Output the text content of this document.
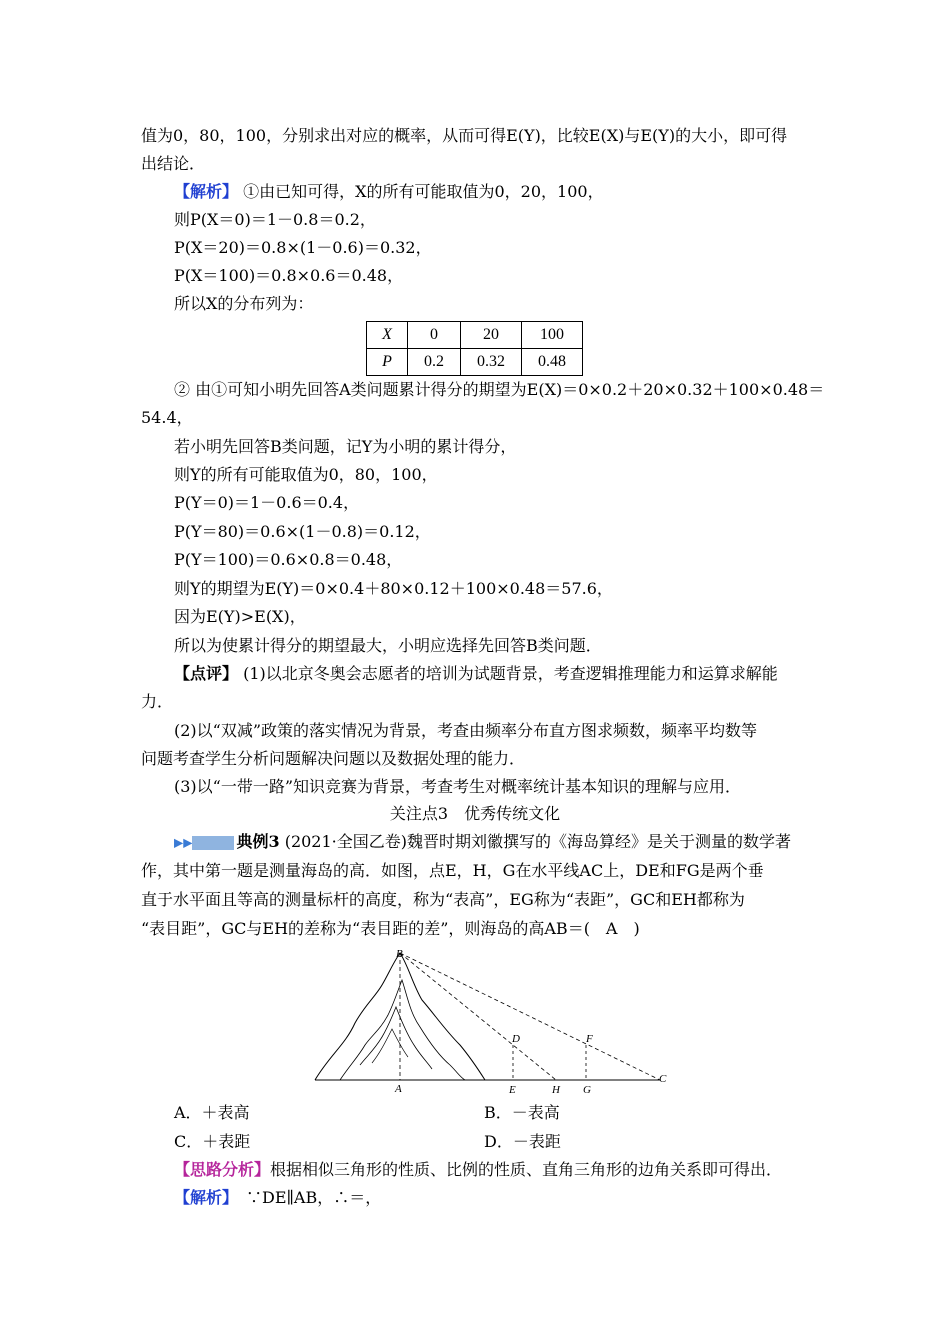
值为0，80，100，分别求出对应的概率，从而可得E(Y)，比较E(X)与E(Y)的大小，即可得
出结论．
【解析】 ①由已知可得，X的所有可能取值为0，20，100，
则P(X＝0)＝1－0.8＝0.2，
P(X＝20)＝0.8×(1－0.6)＝0.32，
P(X＝100)＝0.8×0.6＝0.48，
所以X的分布列为：
X	0	20	100
P	0.2	0.32	0.48
② 由①可知小明先回答A类问题累计得分的期望为E(X)＝0×0.2＋20×0.32＋100×0.48＝
54.4，
若小明先回答B类问题，记Y为小明的累计得分，
则Y的所有可能取值为0，80，100，
P(Y＝0)＝1－0.6＝0.4，
P(Y＝80)＝0.6×(1－0.8)＝0.12，
P(Y＝100)＝0.6×0.8＝0.48，
则Y的期望为E(Y)＝0×0.4＋80×0.12＋100×0.48＝57.6，
因为E(Y)>E(X)，
所以为使累计得分的期望最大，小明应选择先回答B类问题．
【点评】 (1)以北京冬奥会志愿者的培训为试题背景，考查逻辑推理能力和运算求解能
力．
(2)以“双减”政策的落实情况为背景，考查由频率分布直方图求频数，频率平均数等
问题考查学生分析问题解决问题以及数据处理的能力．
(3)以“一带一路”知识竞赛为背景，考查考生对概率统计基本知识的理解与应用．
关注点3　优秀传统文化
▶▶	典例3 (2021·全国乙卷)魏晋时期刘徽撰写的《海岛算经》是关于测量的数学著
作，其中第一题是测量海岛的高．如图，点E，H，G在水平线AC上，DE和FG是两个垂
直于水平面且等高的测量标杆的高度，称为“表高”，EG称为“表距”，GC和EH都称为
“表目距”，GC与EH的差称为“表目距的差”，则海岛的高AB＝(　A　)
B
A
D	F
E	H G
C
A．＋表高	B．－表高
C．＋表距	D．－表距
【思路分析】根据相似三角形的性质、比例的性质、直角三角形的边角关系即可得出．
【解析】　∵DE∥AB，∴＝，
